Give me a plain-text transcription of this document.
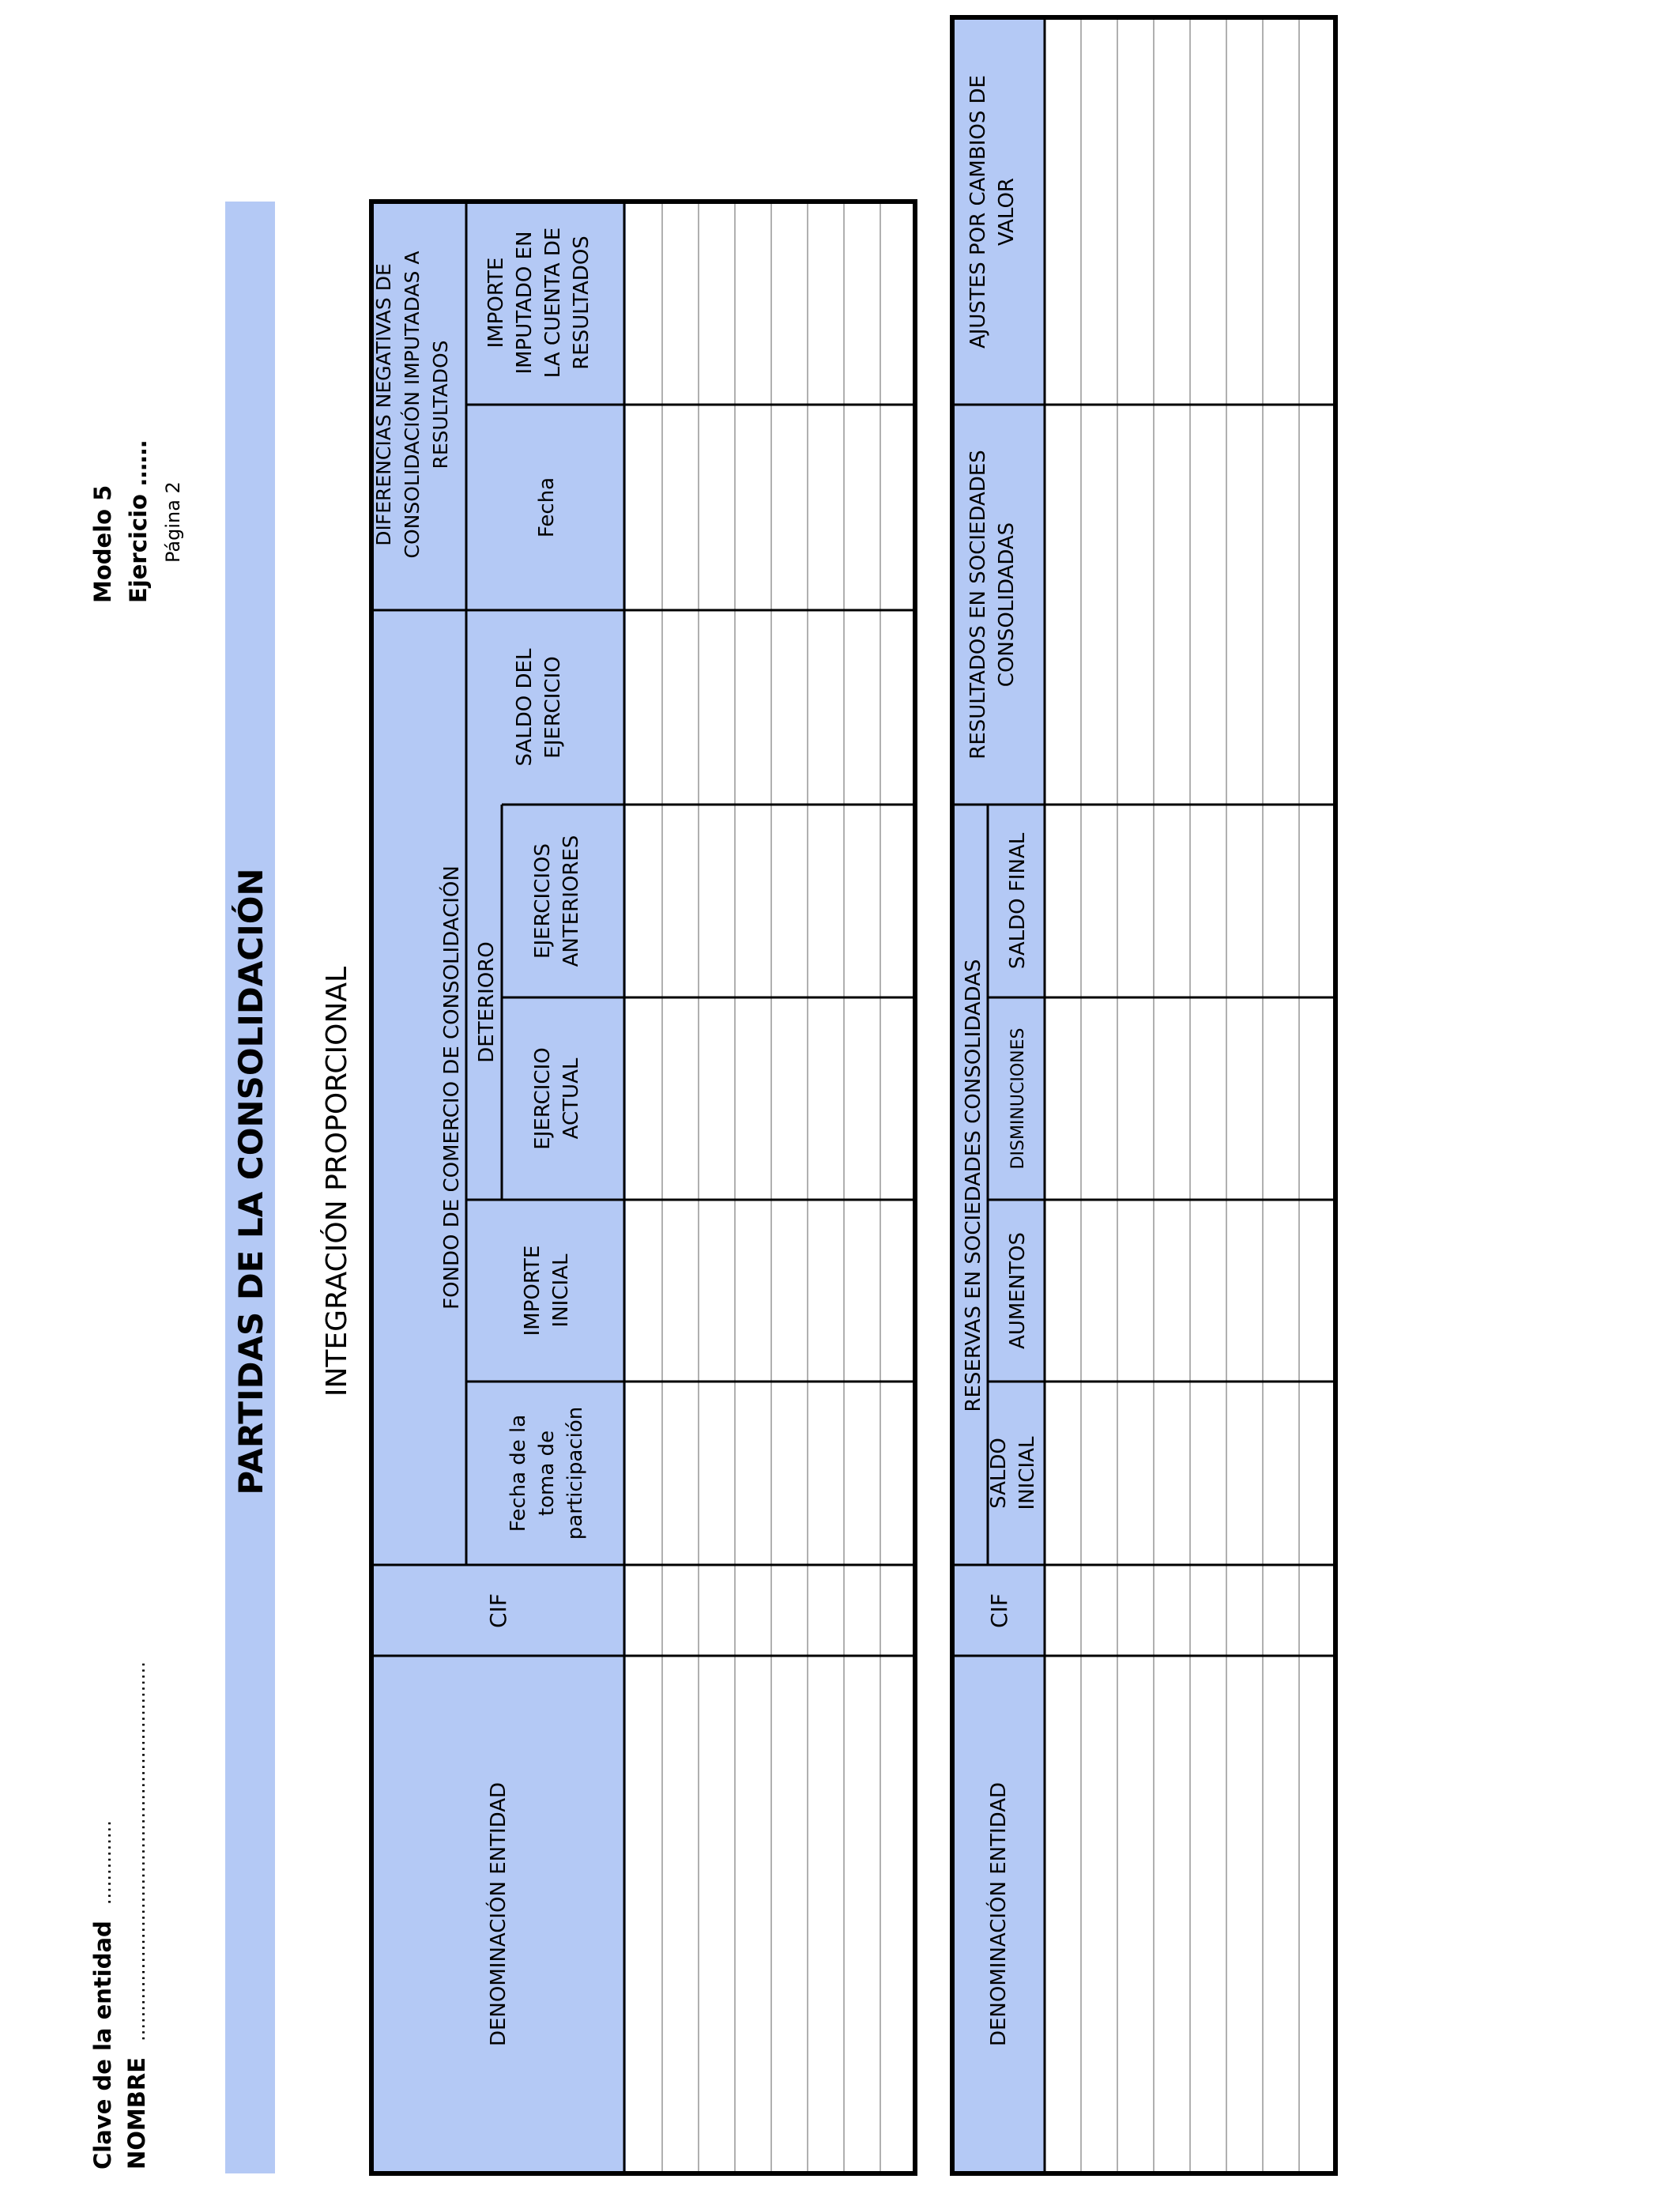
Clave de la entidad ..............
NOMBRE ...............................................................
Modelo 5 Ejercicio …… Página 2
PARTIDAS DE LA CONSOLIDACIÓN INTEGRACIÓN PROPORCIONAL
DENOMINACIÓN ENTIDAD
CIF
FONDO DE COMERCIO DE CONSOLIDACIÓN
Fecha de la toma de participación
IMPORTE INICIAL
DETERIORO
EJERCICIO ACTUAL
EJERCICIOS ANTERIORES
SALDO DEL EJERCICIO
DIFERENCIAS NEGATIVAS DE CONSOLIDACIÓN IMPUTADAS A RESULTADOS
Fecha
IMPORTE IMPUTADO EN LA CUENTA DE RESULTADOS
DENOMINACIÓN ENTIDAD
CIF
RESERVAS EN SOCIEDADES CONSOLIDADAS
SALDO INICIAL
AUMENTOS
DISMINUCIONES
SALDO FINAL
RESULTADOS EN SOCIEDADES CONSOLIDADAS
AJUSTES POR CAMBIOS DE VALOR
